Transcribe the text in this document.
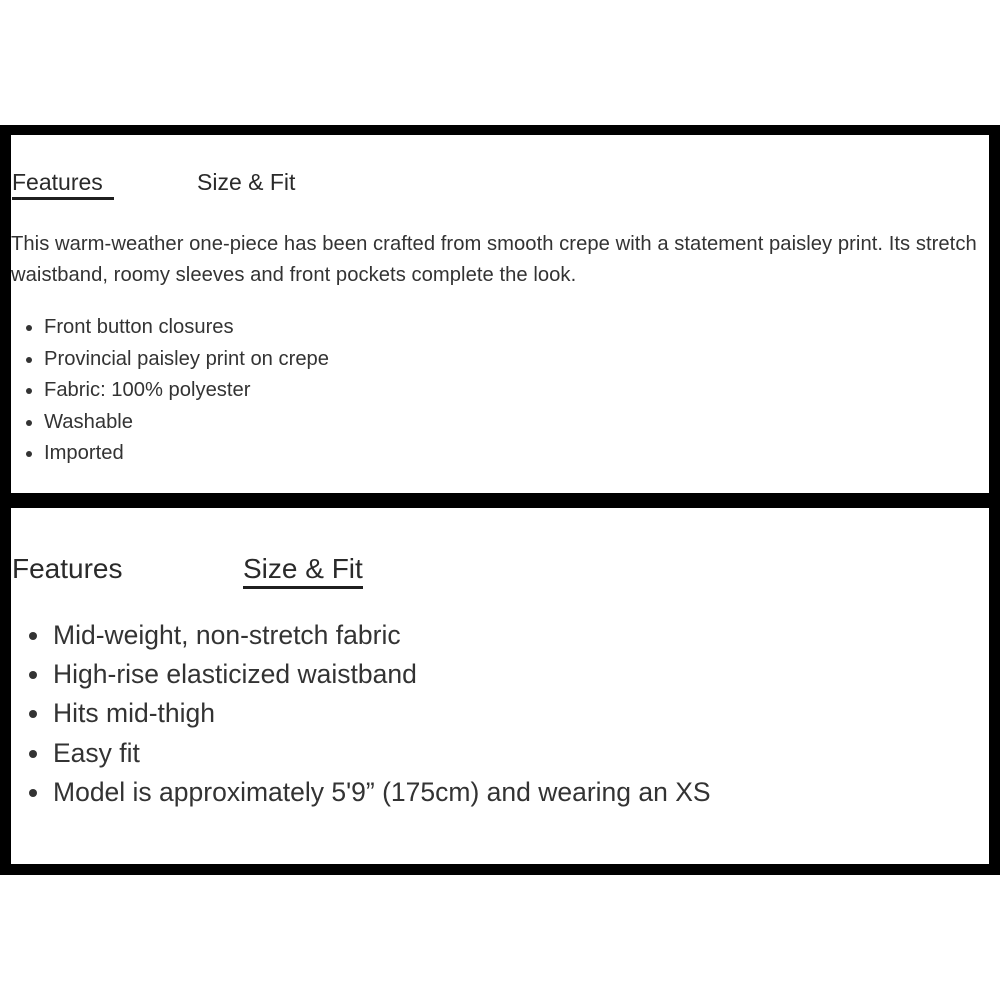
Features	Size & Fit

This warm-weather one-piece has been crafted from smooth crepe with a statement paisley print. Its stretch waistband, roomy sleeves and front pockets complete the look.

Front button closures
Provincial paisley print on crepe
Fabric: 100% polyester
Washable
Imported
Features	Size & Fit
Mid-weight, non-stretch fabric
High-rise elasticized waistband
Hits mid-thigh
Easy fit
Model is approximately 5'9” (175cm) and wearing an XS
